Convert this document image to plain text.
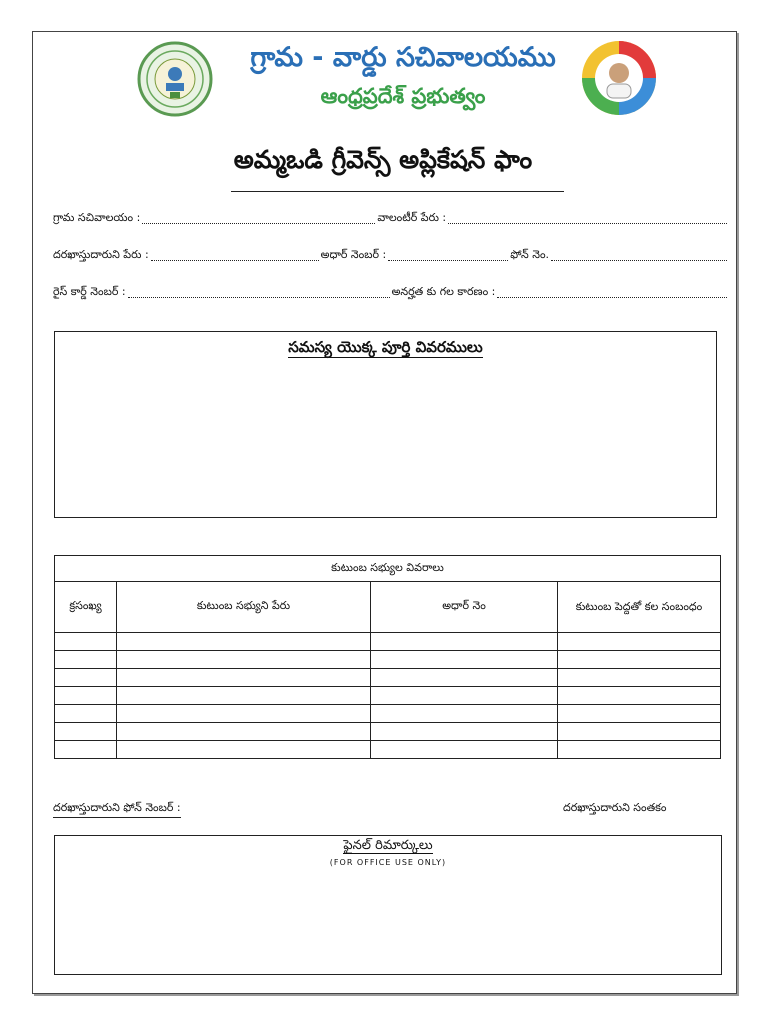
గ్రామ - వార్డు సచివాలయము
ఆంధ్రప్రదేశ్ ప్రభుత్వం
అమ్మఒడి గ్రీవెన్స్ అప్లికేషన్ ఫాం
గ్రామ సచివాలయం :	వాలంటీర్ పేరు :
దరఖాస్తుదారుని పేరు :	అధార్ నెంబర్ :	ఫోన్ నెం.
రైస్ కార్డ్ నెంబర్ :	అనర్హత కు గల కారణం :
సమస్య యొక్క పూర్తి వివరములు
కుటుంబ సభ్యుల వివరాలు			
క్రసంఖ్య	కుటుంబ సభ్యుని పేరు	అధార్ నెం	కుటుంబ పెద్దతో కల సంబంధం

దరఖాస్తుదారుని ఫోన్ నెంబర్ :	దరఖాస్తుదారుని సంతకం
ఫైనల్ రిమార్కులు
(FOR OFFICE USE ONLY)
